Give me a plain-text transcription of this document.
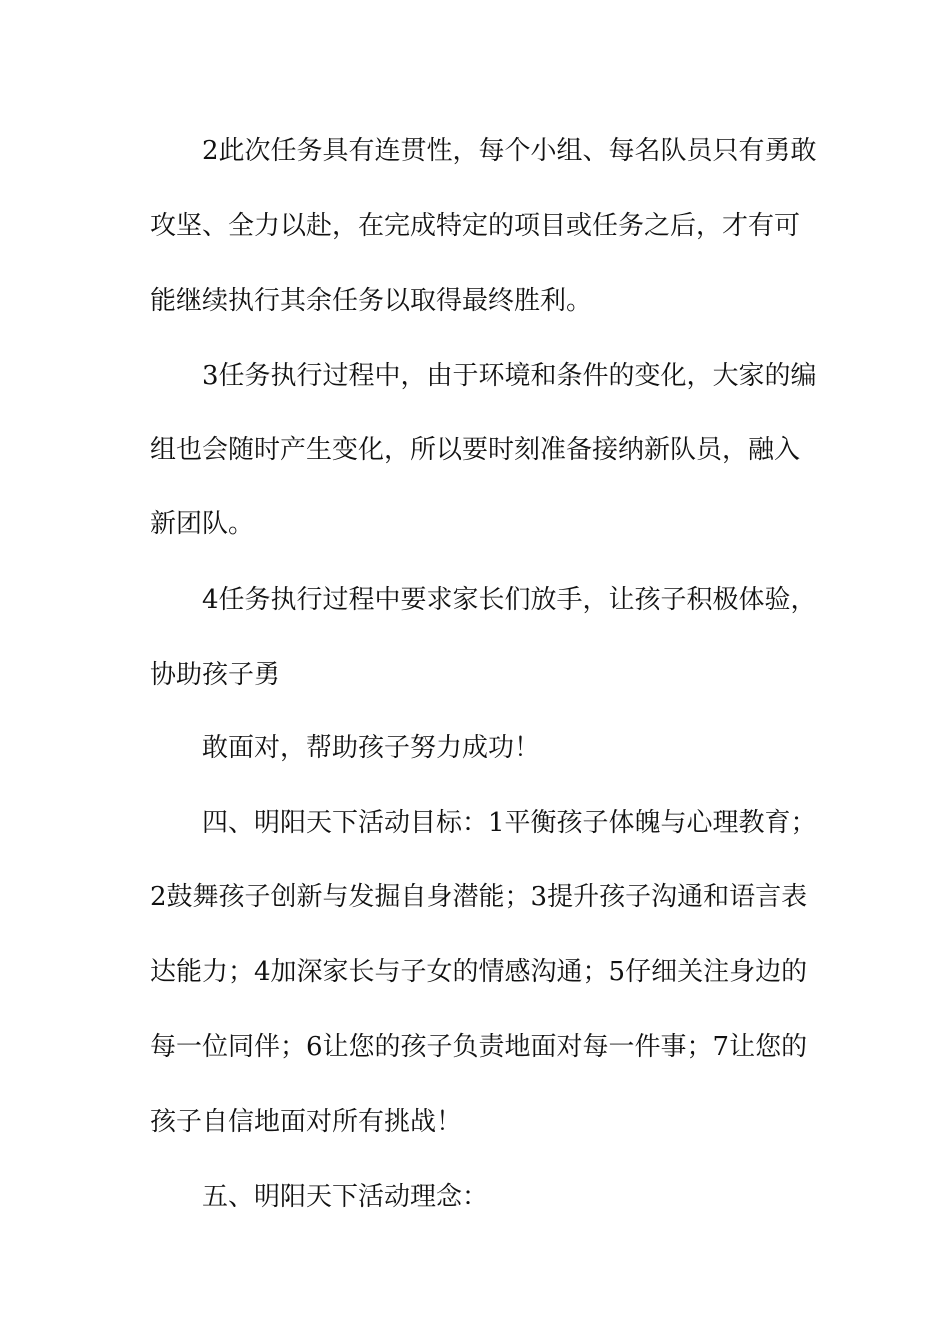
2此次任务具有连贯性，每个小组、每名队员只有勇敢
攻坚、全力以赴，在完成特定的项目或任务之后，才有可
能继续执行其余任务以取得最终胜利。
3任务执行过程中，由于环境和条件的变化，大家的编
组也会随时产生变化，所以要时刻准备接纳新队员，融入
新团队。
4任务执行过程中要求家长们放手，让孩子积极体验，
协助孩子勇
敢面对，帮助孩子努力成功！
四、明阳天下活动目标：1平衡孩子体魄与心理教育；
2鼓舞孩子创新与发掘自身潜能；3提升孩子沟通和语言表
达能力；4加深家长与子女的情感沟通；5仔细关注身边的
每一位同伴；6让您的孩子负责地面对每一件事；7让您的
孩子自信地面对所有挑战！
五、明阳天下活动理念：
